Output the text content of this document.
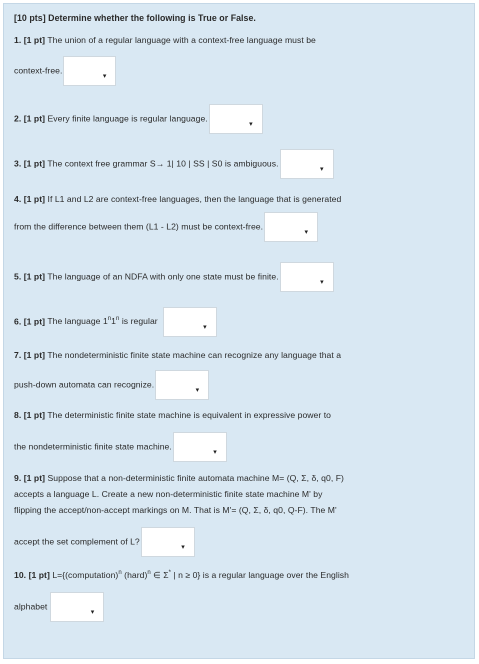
[10 pts] Determine whether the following is True or False.
1. [1 pt] The union of a regular language with a context-free language must be
context-free.
▾
2. [1 pt] Every finite language is regular language.
▾
3. [1 pt] The context free grammar S→ 1| 10 | SS | S0 is ambiguous.
▾
4. [1 pt] If L1 and L2 are context-free languages, then the language that is generated
from the difference between them (L1 - L2) must be context-free.
▾
5. [1 pt] The language of an NDFA with only one state must be finite.
▾
6. [1 pt] The language 1$^n$1$^n$ is regular
▾
7. [1 pt] The nondeterministic finite state machine can recognize any language that a
push-down automata can recognize.
▾
8. [1 pt] The deterministic finite state machine is equivalent in expressive power to
the nondeterministic finite state machine.
▾
9. [1 pt] Suppose that a non-deterministic finite automata machine M= (Q, Σ, δ, q0, F)
accepts a language L. Create a new non-deterministic finite state machine M' by
flipping the accept/non-accept markings on M. That is M'= (Q, Σ, δ, q0, Q-F). The M'
accept the set complement of L?
▾
10. [1 pt] L={(computation)$^n$ (hard)$^n$ ∈ Σ* | n ≥ 0} is a regular language over the English
alphabet
▾
